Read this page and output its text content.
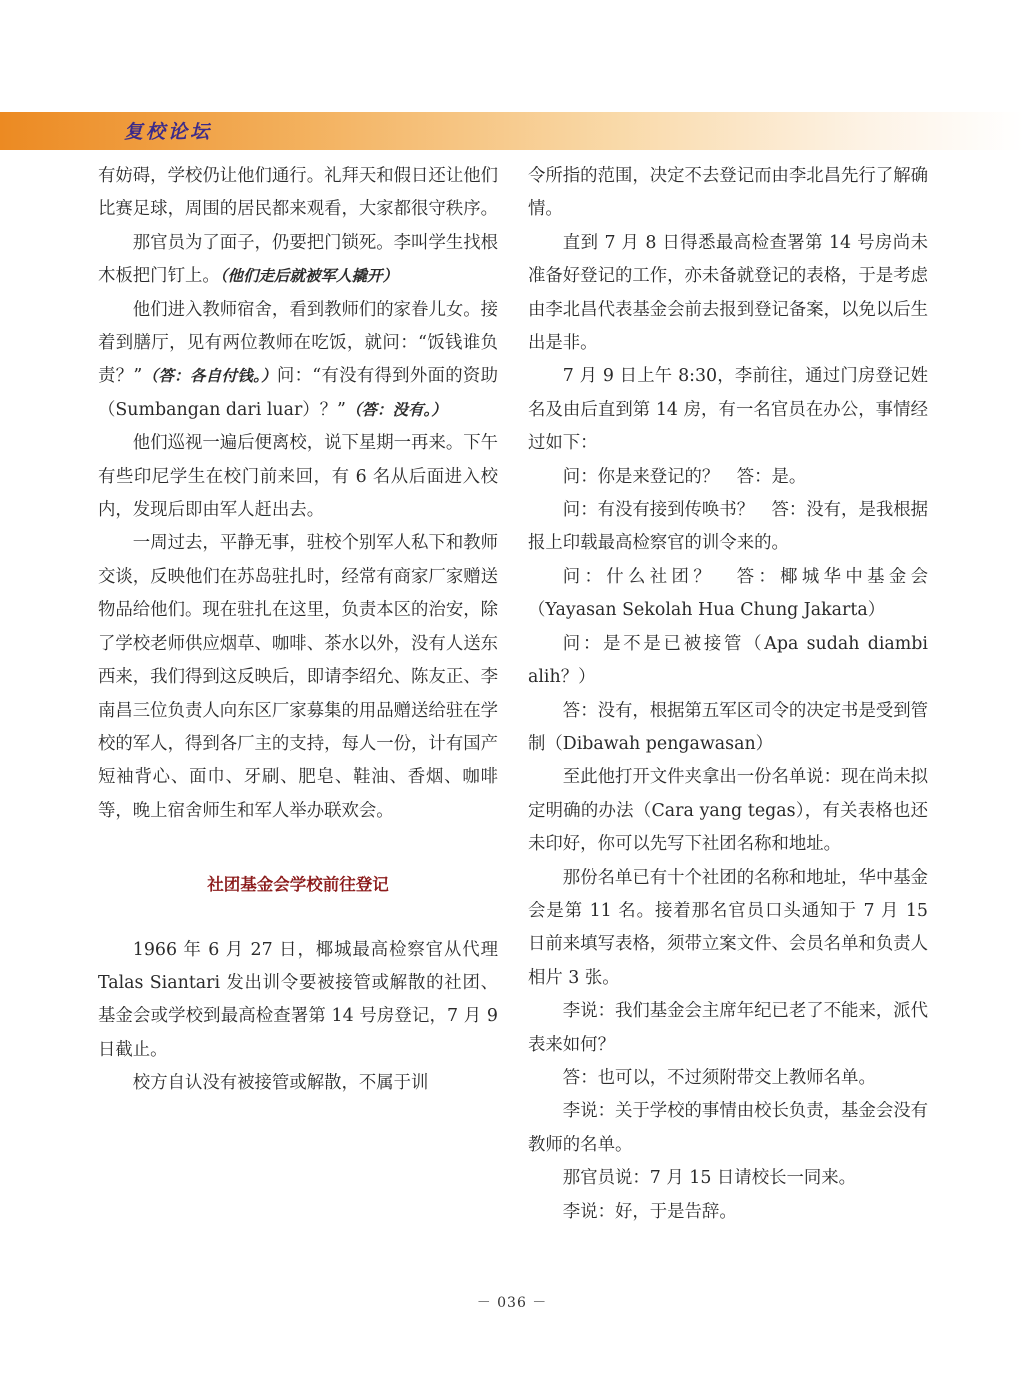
复校论坛

有妨碍，学校仍让他们通行。礼拜天和假日还让他们比赛足球，周围的居民都来观看，大家都很守秩序。

那官员为了面子，仍要把门锁死。李叫学生找根木板把门钉上。（他们走后就被军人撬开）

他们进入教师宿舍，看到教师们的家眷儿女。接着到膳厅，见有两位教师在吃饭，就问：“饭钱谁负责？”（答：各自付钱。）问：“有没有得到外面的资助（Sumbangan dari luar）？”（答：没有。）

他们巡视一遍后便离校，说下星期一再来。下午有些印尼学生在校门前来回，有 6 名从后面进入校内，发现后即由军人赶出去。

一周过去，平静无事，驻校个别军人私下和教师交谈，反映他们在苏岛驻扎时，经常有商家厂家赠送物品给他们。现在驻扎在这里，负责本区的治安，除了学校老师供应烟草、咖啡、茶水以外，没有人送东西来，我们得到这反映后，即请李绍允、陈友正、李南昌三位负责人向东区厂家募集的用品赠送给驻在学校的军人，得到各厂主的支持，每人一份，计有国产短袖背心、面巾、牙刷、肥皂、鞋油、香烟、咖啡等，晚上宿舍师生和军人举办联欢会。

社团基金会学校前往登记

1966 年 6 月 27 日，椰城最高检察官从代理 Talas Siantari 发出训令要被接管或解散的社团、基金会或学校到最高检查署第 14 号房登记，7 月 9 日截止。

校方自认没有被接管或解散，不属于训

令所指的范围，决定不去登记而由李北昌先行了解确情。

直到 7 月 8 日得悉最高检查署第 14 号房尚未准备好登记的工作，亦未备就登记的表格，于是考虑由李北昌代表基金会前去报到登记备案，以免以后生出是非。

7 月 9 日上午 8:30，李前往，通过门房登记姓名及由后直到第 14 房，有一名官员在办公，事情经过如下：

问：你是来登记的？　答：是。

问：有没有接到传唤书？　答：没有，是我根据报上印载最高检察官的训令来的。

问：什么社团？　答：椰城华中基金会（Yayasan Sekolah Hua Chung Jakarta）

问：是不是已被接管（Apa sudah diambi alih？）

答：没有，根据第五军区司令的决定书是受到管制（Dibawah pengawasan）

至此他打开文件夹拿出一份名单说：现在尚未拟定明确的办法（Cara yang tegas），有关表格也还未印好，你可以先写下社团名称和地址。

那份名单已有十个社团的名称和地址，华中基金会是第 11 名。接着那名官员口头通知于 7 月 15 日前来填写表格，须带立案文件、会员名单和负责人相片 3 张。

李说：我们基金会主席年纪已老了不能来，派代表来如何？

答：也可以，不过须附带交上教师名单。

李说：关于学校的事情由校长负责，基金会没有教师的名单。

那官员说：7 月 15 日请校长一同来。

李说：好，于是告辞。

－ 036 －
